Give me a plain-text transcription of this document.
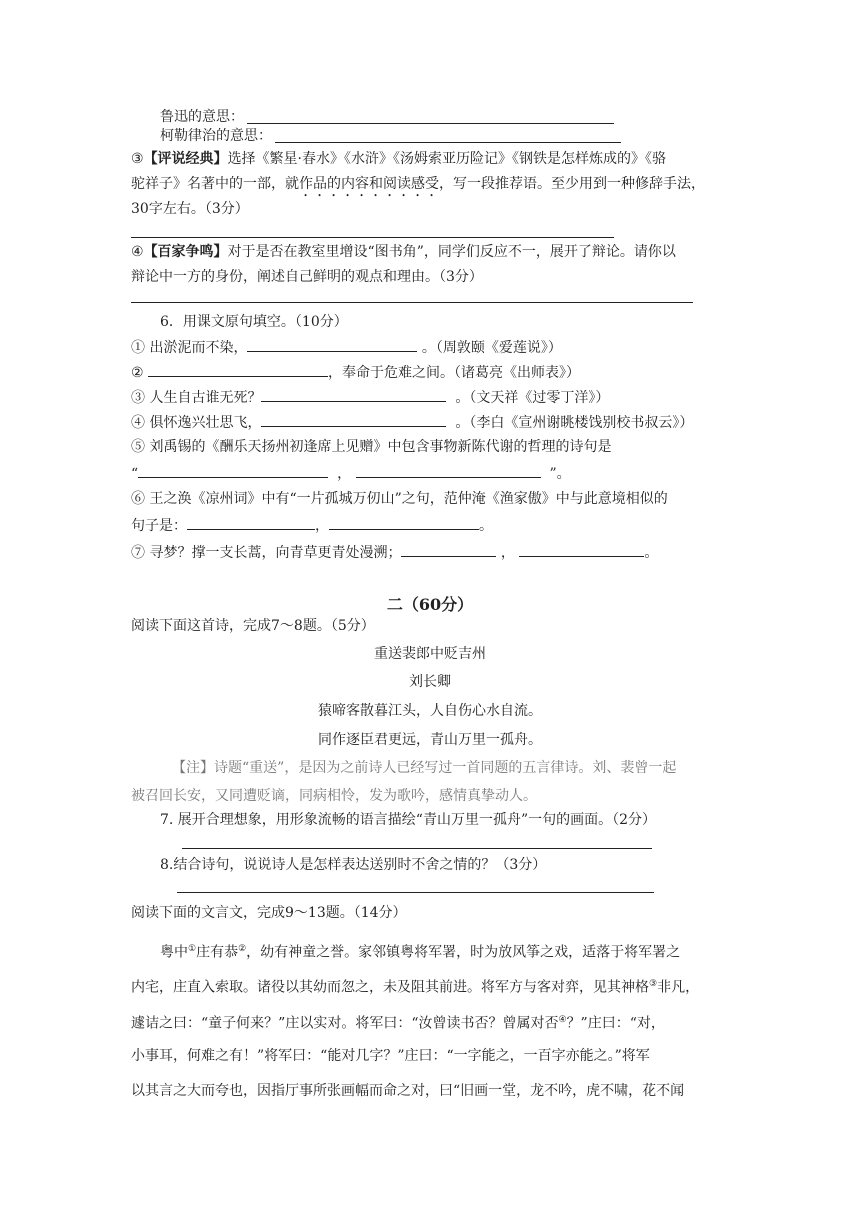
鲁迅的意思：
柯勒律治的意思：
③【评说经典】选择《繁星·春水》《水浒》《汤姆索亚历险记》《钢铁是怎样炼成的》《骆
驼祥子》名著中的一部，就作品的内容和阅读感受，写一段推荐语。至少用到一种修辞手法，
30字左右。（3分）
④【百家争鸣】对于是否在教室里增设“图书角”，同学们反应不一，展开了辩论。请你以
辩论中一方的身份，阐述自己鲜明的观点和理由。（3分）
6．用课文原句填空。（10分）
① 出淤泥而不染，	。（周敦颐《爱莲说》）
②	，奉命于危难之间。（诸葛亮《出师表》）
③ 人生自古谁无死？	。（文天祥《过零丁洋》）
④ 俱怀逸兴壮思飞，	。（李白《宣州谢眺楼饯别校书叔云》）
⑤ 刘禹锡的《酬乐天扬州初逢席上见赠》中包含事物新陈代谢的哲理的诗句是
“	，	”。
⑥ 王之涣《凉州词》中有“一片孤城万仞山”之句，范仲淹《渔家傲》中与此意境相似的
句子是：	，	。
⑦ 寻梦？撑一支长蒿，向青草更青处漫溯；	，	。
二（60分）
阅读下面这首诗，完成7～8题。（5分）
重送裴郎中贬吉州
刘长卿
猿啼客散暮江头，人自伤心水自流。
同作逐臣君更远，青山万里一孤舟。
【注】诗题“重送”，是因为之前诗人已经写过一首同题的五言律诗。刘、裴曾一起
被召回长安，又同遭贬谪，同病相怜，发为歌吟，感情真挚动人。
7. 展开合理想象，用形象流畅的语言描绘“青山万里一孤舟”一句的画面。（2分）
8.结合诗句，说说诗人是怎样表达送别时不舍之情的？（3分）
阅读下面的文言文，完成9～13题。（14分）
粤中①庄有恭②，幼有神童之誉。家邻镇粤将军署，时为放风筝之戏，适落于将军署之
内宅，庄直入索取。诸役以其幼而忽之，未及阻其前进。将军方与客对弈，见其神格③非凡，
遽诘之曰：“童子何来？”庄以实对。将军曰：“汝曾读书否？曾属对否④？”庄曰：“对，
小事耳，何难之有！”将军曰：“能对几字？”庄曰：“一字能之，一百字亦能之。”将军
以其言之大而夸也，因指厅事所张画幅而命之对，曰“旧画一堂，龙不吟，虎不啸，花不闻
